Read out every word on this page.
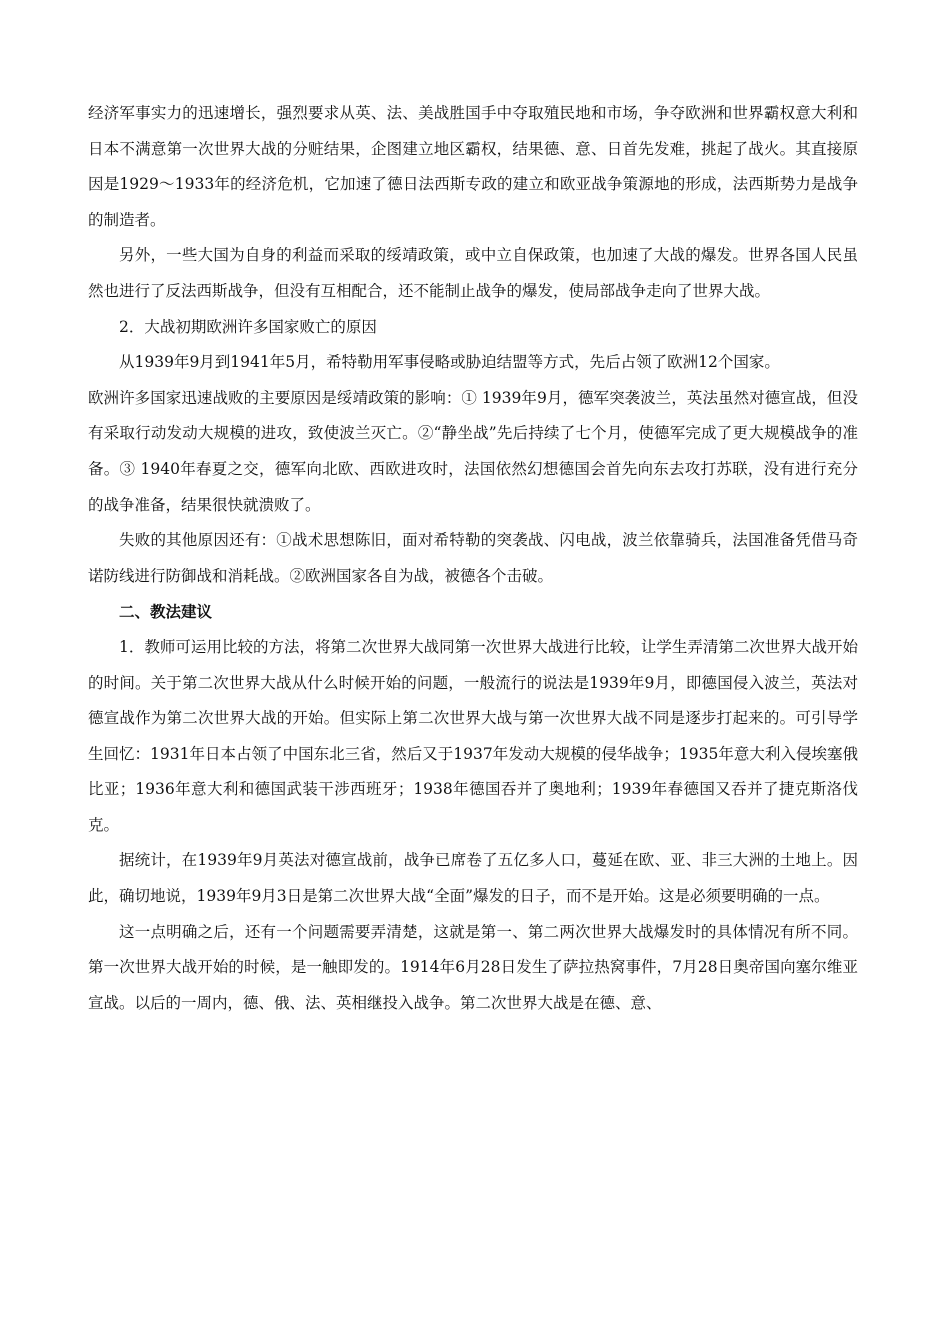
经济军事实力的迅速增长，强烈要求从英、法、美战胜国手中夺取殖民地和市场，争夺欧洲和世界霸权意大利和日本不满意第一次世界大战的分赃结果，企图建立地区霸权，结果德、意、日首先发难，挑起了战火。其直接原因是1929～1933年的经济危机，它加速了德日法西斯专政的建立和欧亚战争策源地的形成，法西斯势力是战争的制造者。

另外，一些大国为自身的利益而采取的绥靖政策，或中立自保政策，也加速了大战的爆发。世界各国人民虽然也进行了反法西斯战争，但没有互相配合，还不能制止战争的爆发，使局部战争走向了世界大战。

2．大战初期欧洲许多国家败亡的原因

从1939年9月到1941年5月，希特勒用军事侵略或胁迫结盟等方式，先后占领了欧洲12个国家。

欧洲许多国家迅速战败的主要原因是绥靖政策的影响：① 1939年9月，德军突袭波兰，英法虽然对德宣战，但没有采取行动发动大规模的进攻，致使波兰灭亡。②“静坐战”先后持续了七个月，使德军完成了更大规模战争的准备。③ 1940年春夏之交，德军向北欧、西欧进攻时，法国依然幻想德国会首先向东去攻打苏联，没有进行充分的战争准备，结果很快就溃败了。

失败的其他原因还有：①战术思想陈旧，面对希特勒的突袭战、闪电战，波兰依靠骑兵，法国准备凭借马奇诺防线进行防御战和消耗战。②欧洲国家各自为战，被德各个击破。

二、教法建议

1．教师可运用比较的方法，将第二次世界大战同第一次世界大战进行比较，让学生弄清第二次世界大战开始的时间。关于第二次世界大战从什么时候开始的问题，一般流行的说法是1939年9月，即德国侵入波兰，英法对德宣战作为第二次世界大战的开始。但实际上第二次世界大战与第一次世界大战不同是逐步打起来的。可引导学生回忆：1931年日本占领了中国东北三省，然后又于1937年发动大规模的侵华战争；1935年意大利入侵埃塞俄比亚；1936年意大利和德国武装干涉西班牙；1938年德国吞并了奥地利；1939年春德国又吞并了捷克斯洛伐克。

据统计，在1939年9月英法对德宣战前，战争已席卷了五亿多人口，蔓延在欧、亚、非三大洲的土地上。因此，确切地说，1939年9月3日是第二次世界大战“全面”爆发的日子，而不是开始。这是必须要明确的一点。

这一点明确之后，还有一个问题需要弄清楚，这就是第一、第二两次世界大战爆发时的具体情况有所不同。第一次世界大战开始的时候，是一触即发的。1914年6月28日发生了萨拉热窝事件，7月28日奥帝国向塞尔维亚宣战。以后的一周内，德、俄、法、英相继投入战争。第二次世界大战是在德、意、
